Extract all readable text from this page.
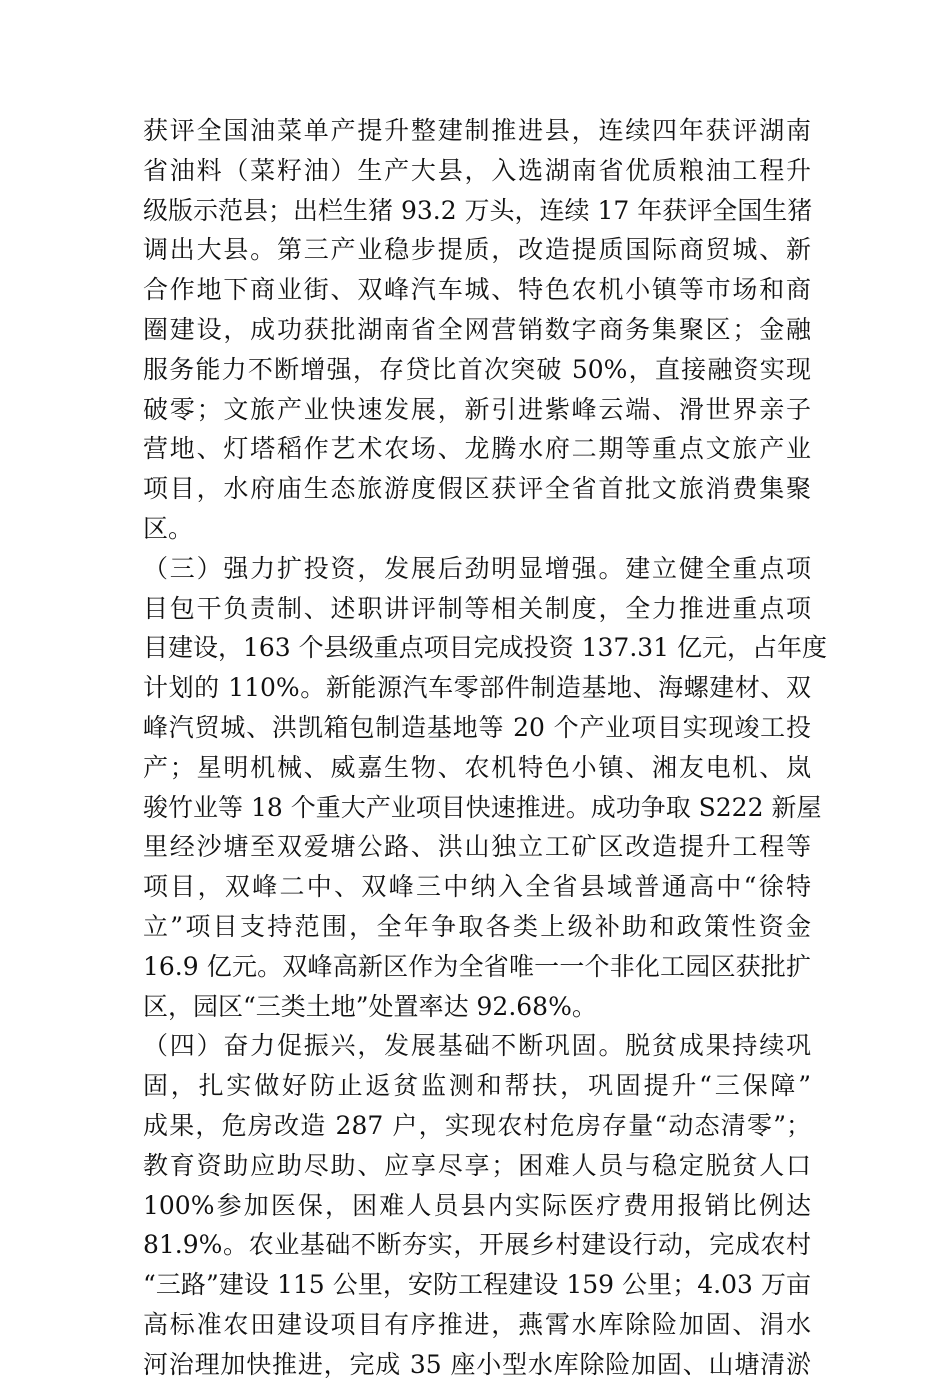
获评全国油菜单产提升整建制推进县，连续四年获评湖南
省油料（菜籽油）生产大县，入选湖南省优质粮油工程升
级版示范县；出栏生猪 93.2 万头，连续 17 年获评全国生猪
调出大县。第三产业稳步提质，改造提质国际商贸城、新
合作地下商业街、双峰汽车城、特色农机小镇等市场和商
圈建设，成功获批湖南省全网营销数字商务集聚区；金融
服务能力不断增强，存贷比首次突破 50%，直接融资实现
破零；文旅产业快速发展，新引进紫峰云端、滑世界亲子
营地、灯塔稻作艺术农场、龙腾水府二期等重点文旅产业
项目，水府庙生态旅游度假区获评全省首批文旅消费集聚
区。
（三）强力扩投资，发展后劲明显增强。建立健全重点项
目包干负责制、述职讲评制等相关制度，全力推进重点项
目建设，163 个县级重点项目完成投资 137.31 亿元，占年度
计划的 110%。新能源汽车零部件制造基地、海螺建材、双
峰汽贸城、洪凯箱包制造基地等 20 个产业项目实现竣工投
产；星明机械、威嘉生物、农机特色小镇、湘友电机、岚
骏竹业等 18 个重大产业项目快速推进。成功争取 S222 新屋
里经沙塘至双爱塘公路、洪山独立工矿区改造提升工程等
项目，双峰二中、双峰三中纳入全省县域普通高中“徐特
立”项目支持范围，全年争取各类上级补助和政策性资金
16.9 亿元。双峰高新区作为全省唯一一个非化工园区获批扩
区，园区“三类土地”处置率达 92.68%。
（四）奋力促振兴，发展基础不断巩固。脱贫成果持续巩
固，扎实做好防止返贫监测和帮扶，巩固提升“三保障”
成果，危房改造 287 户，实现农村危房存量“动态清零”；
教育资助应助尽助、应享尽享；困难人员与稳定脱贫人口
100%参加医保，困难人员县内实际医疗费用报销比例达
81.9%。农业基础不断夯实，开展乡村建设行动，完成农村
“三路”建设 115 公里，安防工程建设 159 公里；4.03 万亩
高标准农田建设项目有序推进，燕霄水库除险加固、涓水
河治理加快推进，完成 35 座小型水库除险加固、山塘清淤
